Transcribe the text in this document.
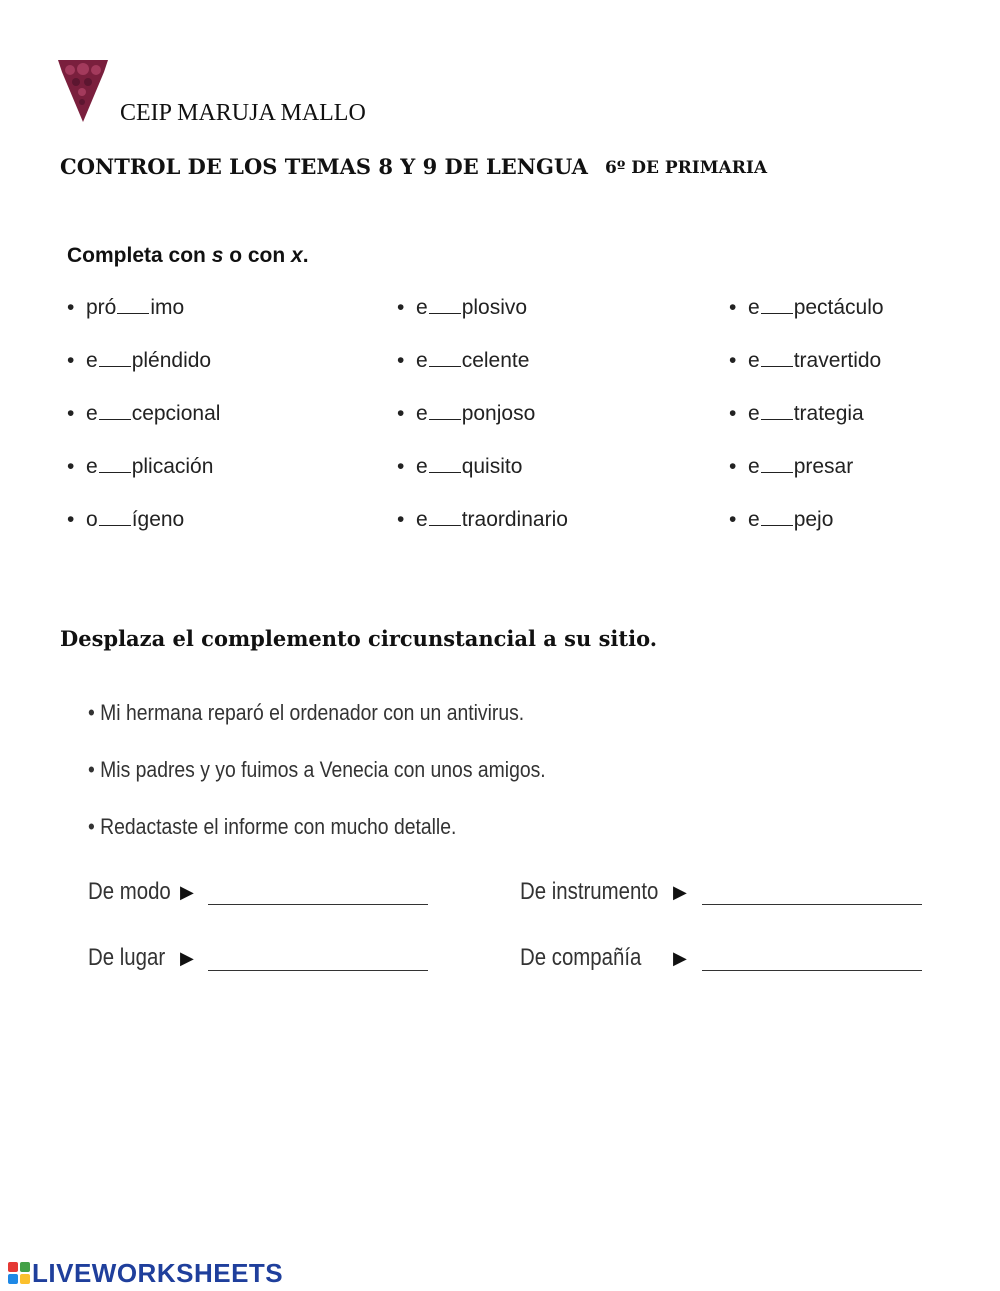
CEIP MARUJA MALLO
CONTROL DE LOS TEMAS 8 Y 9 DE LENGUA 6º DE PRIMARIA
Completa con s o con x.
• pró imo
• e pléndido
• e cepcional
• e plicación
• o ígeno
• e plosivo
• e celente
• e ponjoso
• e quisito
• e traordinario
• e pectáculo
• e travertido
• e trategia
• e presar
• e pejo
Desplaza el complemento circunstancial a su sitio.
• Mi hermana reparó el ordenador con un antivirus.
• Mis padres y yo fuimos a Venecia con unos amigos.
• Redactaste el informe con mucho detalle.
De modo ▶	De instrumento ▶
De lugar ▶	De compañía ▶
LIVEWORKSHEETS
